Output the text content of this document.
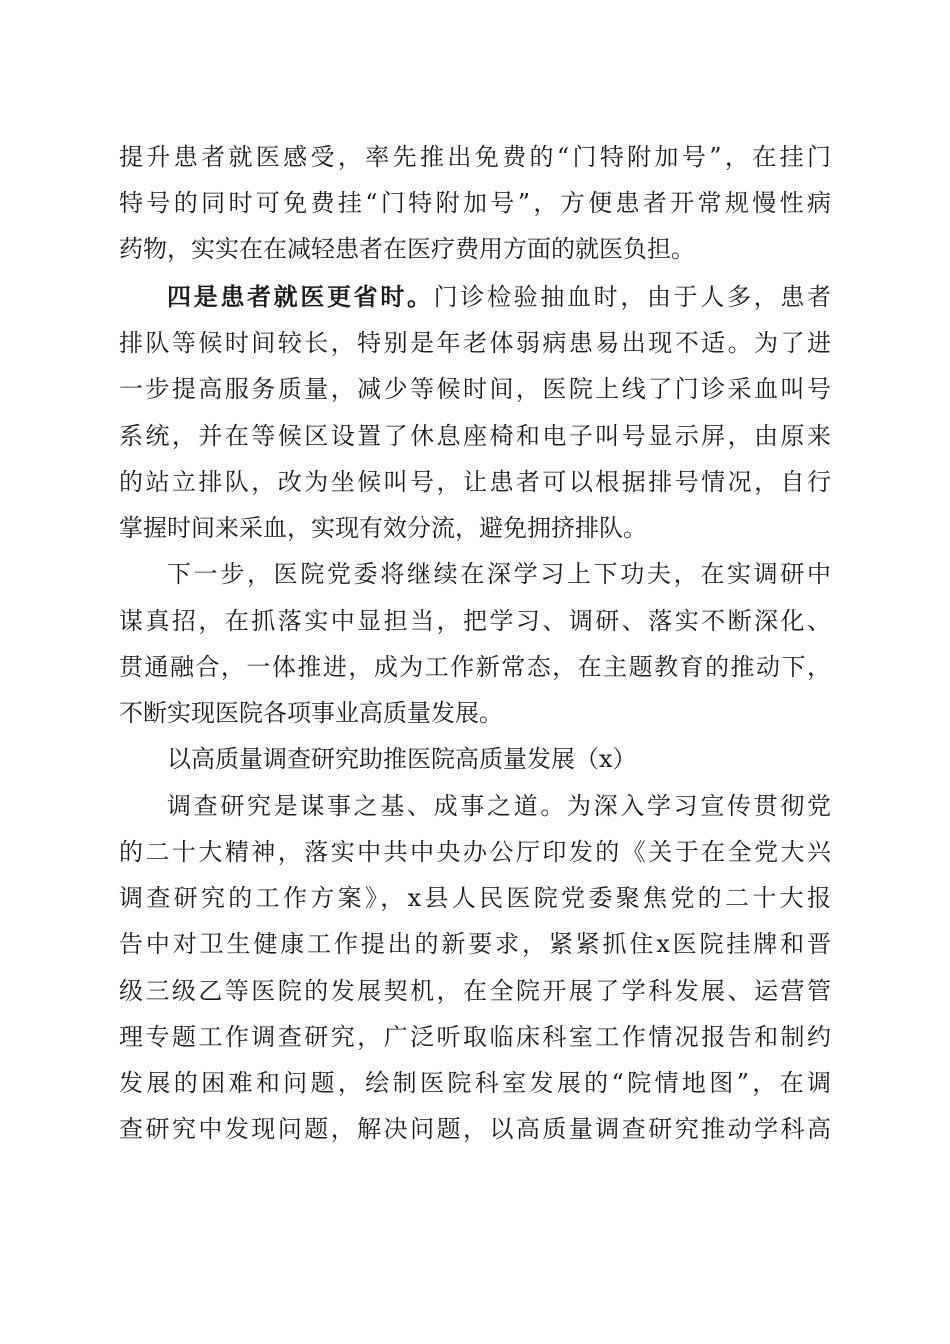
提升患者就医感受，率先推出免费的“门特附加号”，在挂门
特号的同时可免费挂“门特附加号”，方便患者开常规慢性病
药物，实实在在减轻患者在医疗费用方面的就医负担。
四是患者就医更省时。门诊检验抽血时，由于人多，患者
排队等候时间较长，特别是年老体弱病患易出现不适。为了进
一步提高服务质量，减少等候时间，医院上线了门诊采血叫号
系统，并在等候区设置了休息座椅和电子叫号显示屏，由原来
的站立排队，改为坐候叫号，让患者可以根据排号情况，自行
掌握时间来采血，实现有效分流，避免拥挤排队。
下一步，医院党委将继续在深学习上下功夫，在实调研中
谋真招，在抓落实中显担当，把学习、调研、落实不断深化、
贯通融合，一体推进，成为工作新常态，在主题教育的推动下，
不断实现医院各项事业高质量发展。
以高质量调查研究助推医院高质量发展（x）
调查研究是谋事之基、成事之道。为深入学习宣传贯彻党
的二十大精神，落实中共中央办公厅印发的《关于在全党大兴
调查研究的工作方案》，x县人民医院党委聚焦党的二十大报
告中对卫生健康工作提出的新要求，紧紧抓住x医院挂牌和晋
级三级乙等医院的发展契机，在全院开展了学科发展、运营管
理专题工作调查研究，广泛听取临床科室工作情况报告和制约
发展的困难和问题，绘制医院科室发展的“院情地图”，在调
查研究中发现问题，解决问题，以高质量调查研究推动学科高
